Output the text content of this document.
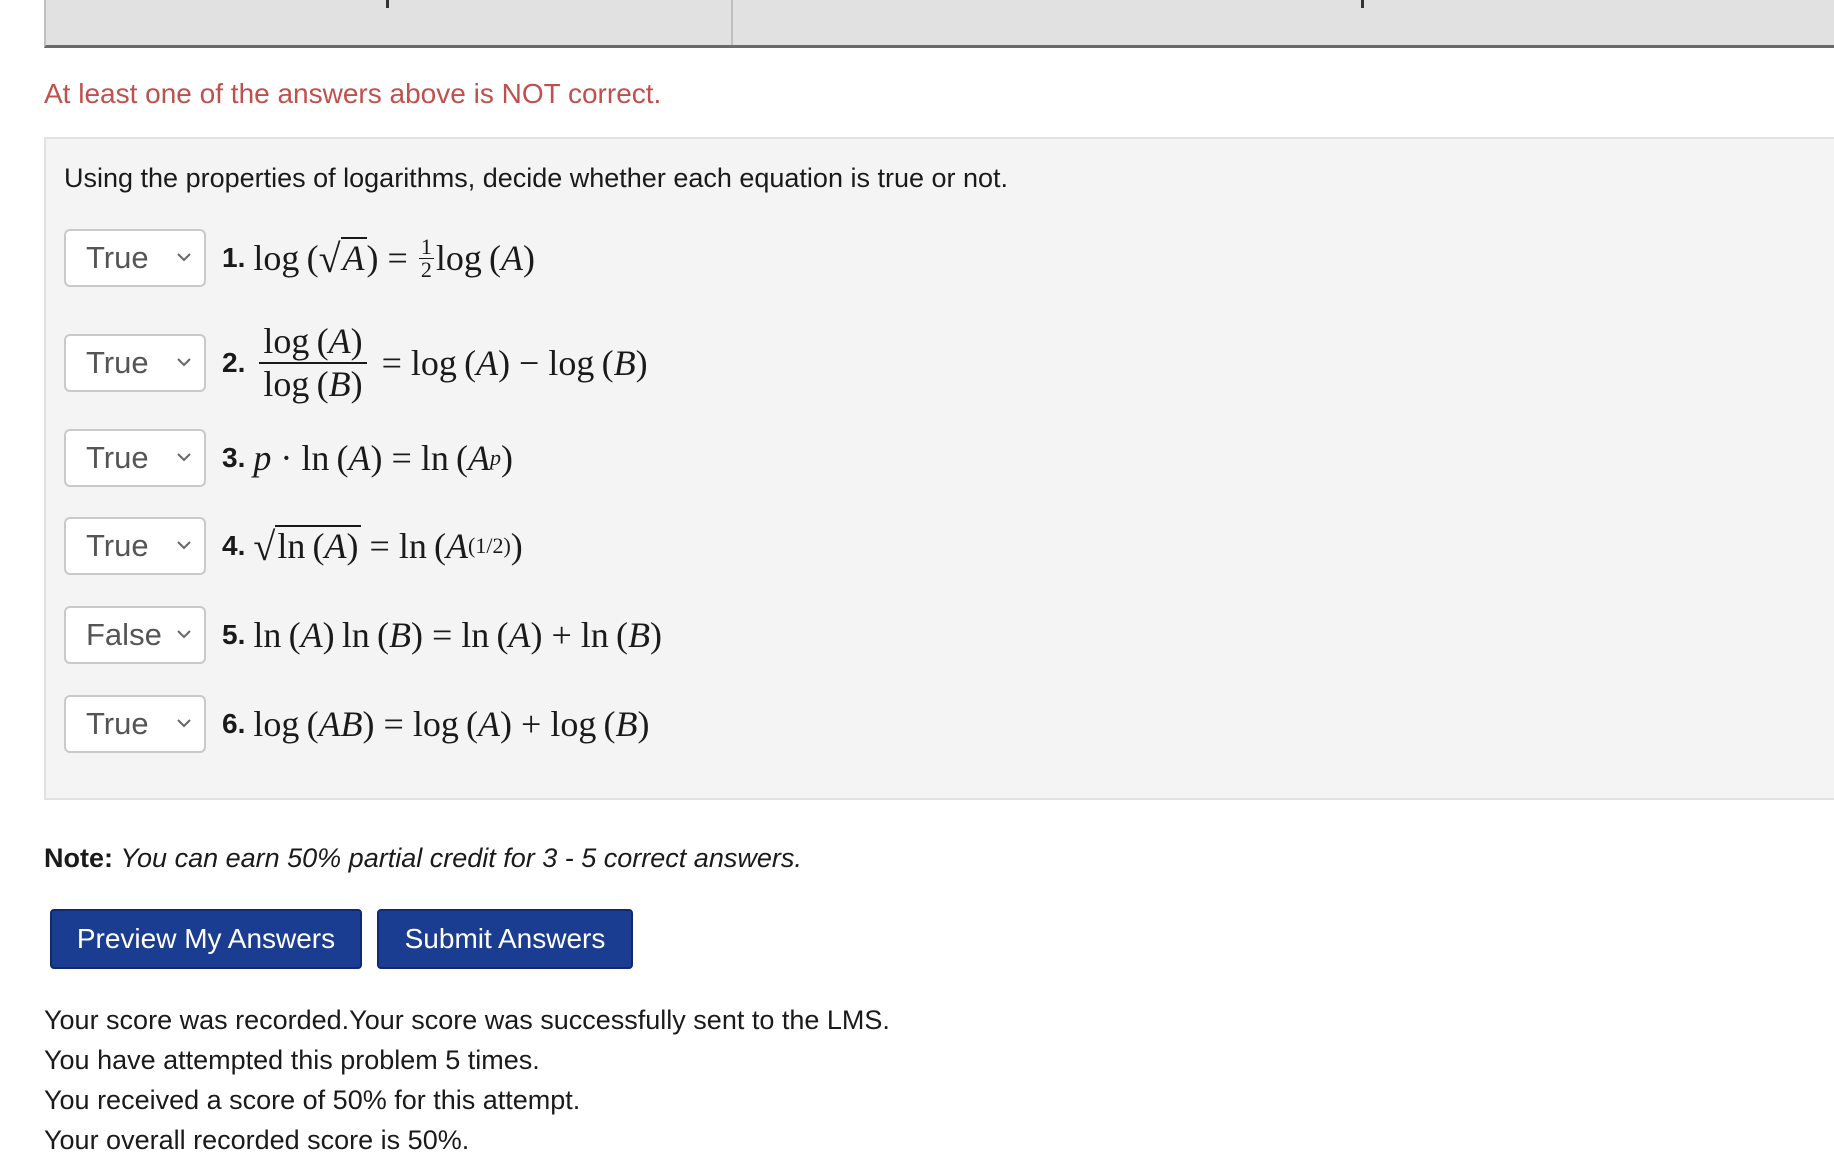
At least one of the answers above is NOT correct.
Using the properties of logarithms, decide whether each equation is true or not.
True	1. log ( √ A ) = $\frac{1}{2}$ log ( A )
True	2. $\frac{\log (A)}{\log (B)} = \log$ ( A ) − log ( B )
True	3. p · ln ( A ) = ln ( A p )
True	4. √ ln (A) = ln ( A (1/2) )
False 5. ln ( A ) ln ( B ) = ln ( A ) + ln ( B )
True	6. log ( AB ) = log ( A ) + log ( B )
Note: You can earn 50% partial credit for 3 - 5 correct answers.
Preview My Answers	Submit Answers
Your score was recorded.Your score was successfully sent to the LMS.
You have attempted this problem 5 times.
You received a score of 50% for this attempt.
Your overall recorded score is 50%.
